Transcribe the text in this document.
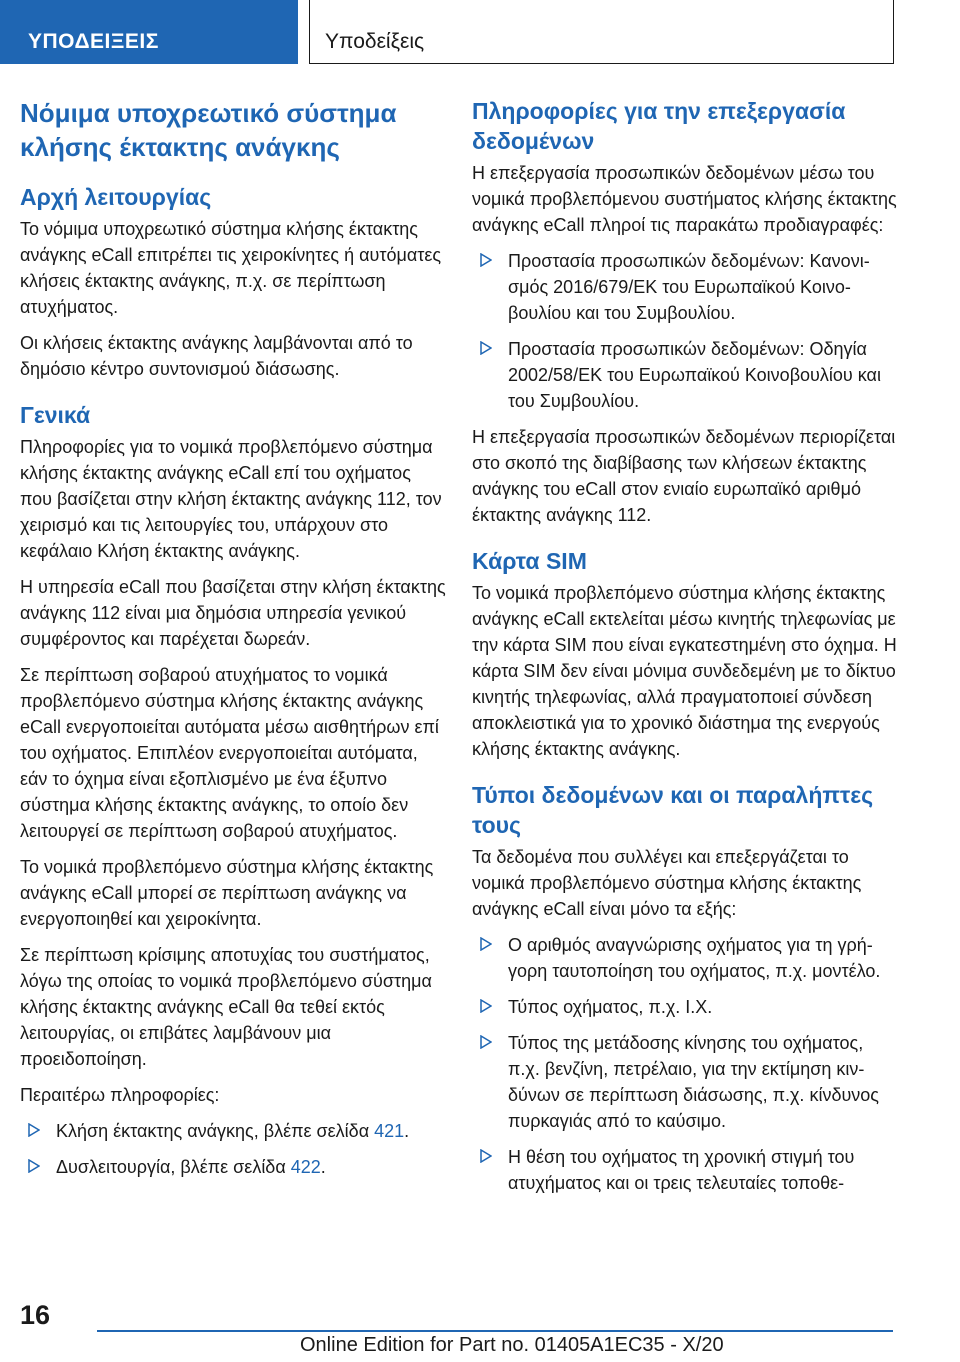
ΥΠΟΔΕΙΞΕΙΣ	Υποδείξεις
Νόμιμα υποχρεωτικό σύστημα κλήσης έκτακτης ανάγκης
Αρχή λειτουργίας

Το νόμιμα υποχρεωτικό σύστημα κλήσης έκτακτης ανάγκης eCall επιτρέπει τις χειροκίνητες ή αυτόματες κλήσεις έκτακτης ανάγκης, π.χ. σε περίπτωση ατυχήματος.

Οι κλήσεις έκτακτης ανάγκης λαμβάνονται από το δημόσιο κέντρο συντονισμού διάσωσης.

Γενικά

Πληροφορίες για το νομικά προβλεπόμενο σύστημα κλήσης έκτακτης ανάγκης eCall επί του οχήματος που βασίζεται στην κλήση έκτακτης ανάγκης 112, τον χειρισμό και τις λειτουργίες του, υπάρχουν στο κεφάλαιο Κλήση έκτακτης ανάγκης.

Η υπηρεσία eCall που βασίζεται στην κλήση έκτακτης ανάγκης 112 είναι μια δημόσια υπηρεσία γενικού συμφέροντος και παρέχεται δωρεάν.

Σε περίπτωση σοβαρού ατυχήματος το νομικά προβλεπόμενο σύστημα κλήσης έκτακτης ανάγκης eCall ενεργοποιείται αυτόματα μέσω αισθητήρων επί του οχήματος. Επιπλέον ενεργοποιείται αυτόματα, εάν το όχημα είναι εξοπλισμένο με ένα έξυπνο σύστημα κλήσης έκτακτης ανάγκης, το οποίο δεν λειτουργεί σε περίπτωση σοβαρού ατυχήματος.

Το νομικά προβλεπόμενο σύστημα κλήσης έκτακτης ανάγκης eCall μπορεί σε περίπτωση ανάγκης να ενεργοποιηθεί και χειροκίνητα.

Σε περίπτωση κρίσιμης αποτυχίας του συστήματος, λόγω της οποίας το νομικά προβλεπόμενο σύστημα κλήσης έκτακτης ανάγκης eCall θα τεθεί εκτός λειτουργίας, οι επιβάτες λαμβάνουν μια προειδοποίηση.

Περαιτέρω πληροφορίες:

Κλήση έκτακτης ανάγκης, βλέπε σελίδα 421.
Δυσλειτουργία, βλέπε σελίδα 422.
Πληροφορίες για την επεξεργασία δεδομένων

Η επεξεργασία προσωπικών δεδομένων μέσω του νομικά προβλεπόμενου συστήματος κλήσης έκτακτης ανάγκης eCall πληροί τις παρακάτω προδιαγραφές:

Προστασία προσωπικών δεδομένων: Κανονισμός 2016/679/ΕΚ του Ευρωπαϊκού Κοινοβουλίου και του Συμβουλίου.
Προστασία προσωπικών δεδομένων: Οδηγία 2002/58/ΕΚ του Ευρωπαϊκού Κοινοβουλίου και του Συμβουλίου.

Η επεξεργασία προσωπικών δεδομένων περιορίζεται στο σκοπό της διαβίβασης των κλήσεων έκτακτης ανάγκης του eCall στον ενιαίο ευρωπαϊκό αριθμό έκτακτης ανάγκης 112.

Κάρτα SIM

Το νομικά προβλεπόμενο σύστημα κλήσης έκτακτης ανάγκης eCall εκτελείται μέσω κινητής τηλεφωνίας με την κάρτα SIM που είναι εγκατεστημένη στο όχημα. Η κάρτα SIM δεν είναι μόνιμα συνδεδεμένη με το δίκτυο κινητής τηλεφωνίας, αλλά πραγματοποιεί σύνδεση αποκλειστικά για το χρονικό διάστημα της ενεργούς κλήσης έκτακτης ανάγκης.

Τύποι δεδομένων και οι παραλήπτες τους

Τα δεδομένα που συλλέγει και επεξεργάζεται το νομικά προβλεπόμενο σύστημα κλήσης έκτακτης ανάγκης eCall είναι μόνο τα εξής:

Ο αριθμός αναγνώρισης οχήματος για τη γρήγορη ταυτοποίηση του οχήματος, π.χ. μοντέλο.
Τύπος οχήματος, π.χ. I.X.
Τύπος της μετάδοσης κίνησης του οχήματος, π.χ. βενζίνη, πετρέλαιο, για την εκτίμηση κινδύνων σε περίπτωση διάσωσης, π.χ. κίνδυνος πυρκαγιάς από το καύσιμο.
Η θέση του οχήματος τη χρονική στιγμή του ατυχήματος και οι τρεις τελευταίες τοποθε-
16
Online Edition for Part no. 01405A1EC35 - X/20
